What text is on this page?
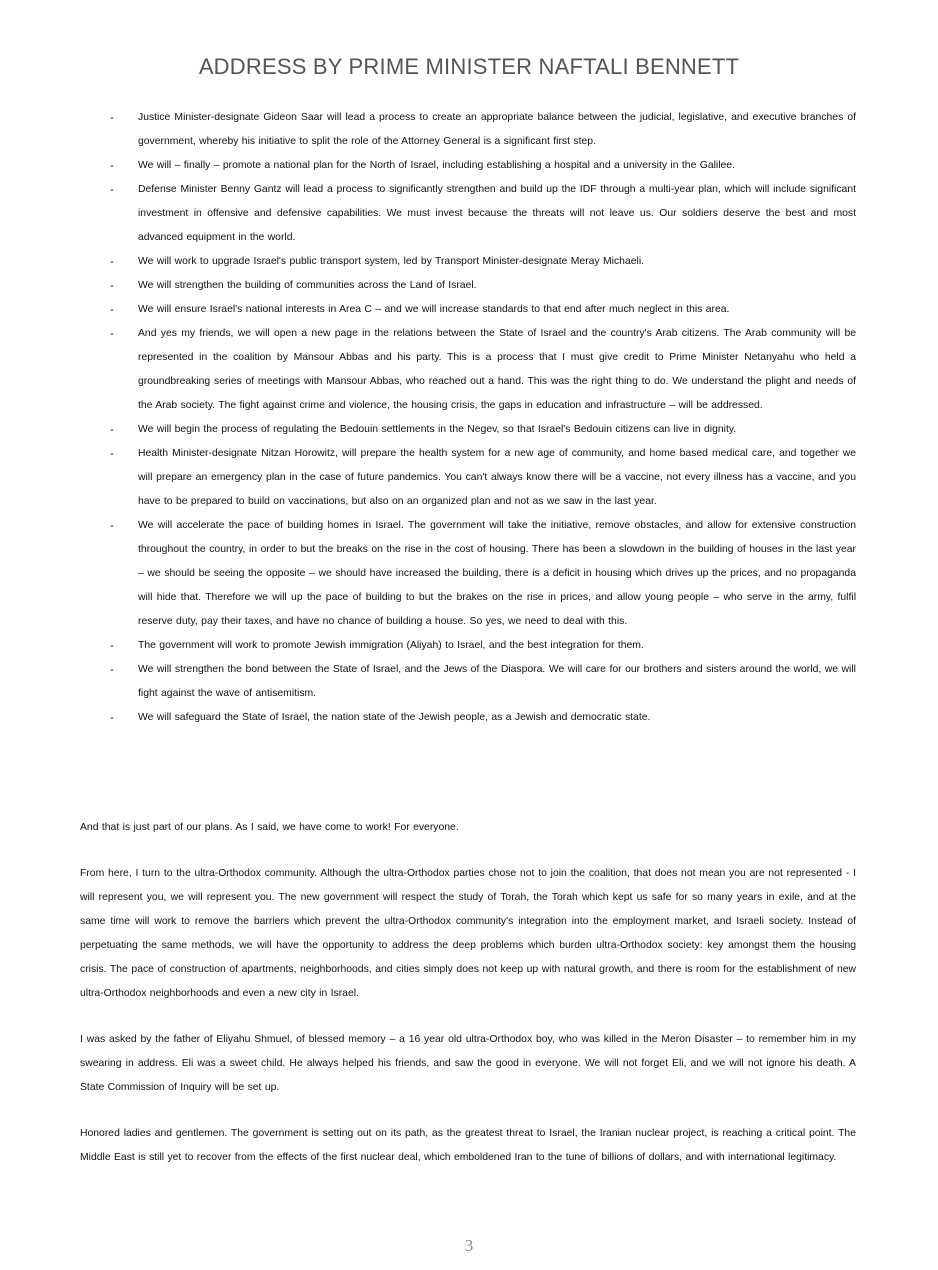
ADDRESS BY PRIME MINISTER NAFTALI BENNETT
- Justice Minister-designate Gideon Saar will lead a process to create an appropriate balance between the judicial, legislative, and executive branches of government, whereby his initiative to split the role of the Attorney General is a significant first step.
- We will – finally – promote a national plan for the North of Israel, including establishing a hospital and a university in the Galilee.
- Defense Minister Benny Gantz will lead a process to significantly strengthen and build up the IDF through a multi-year plan, which will include significant investment in offensive and defensive capabilities. We must invest because the threats will not leave us. Our soldiers deserve the best and most advanced equipment in the world.
- We will work to upgrade Israel's public transport system, led by Transport Minister-designate Meray Michaeli.
- We will strengthen the building of communities across the Land of Israel.
- We will ensure Israel's national interests in Area C – and we will increase standards to that end after much neglect in this area.
- And yes my friends, we will open a new page in the relations between the State of Israel and the country's Arab citizens. The Arab community will be represented in the coalition by Mansour Abbas and his party. This is a process that I must give credit to Prime Minister Netanyahu who held a groundbreaking series of meetings with Mansour Abbas, who reached out a hand. This was the right thing to do. We understand the plight and needs of the Arab society. The fight against crime and violence, the housing crisis, the gaps in education and infrastructure – will be addressed.
- We will begin the process of regulating the Bedouin settlements in the Negev, so that Israel's Bedouin citizens can live in dignity.
- Health Minister-designate Nitzan Horowitz, will prepare the health system for a new age of community, and home based medical care, and together we will prepare an emergency plan in the case of future pandemics. You can't always know there will be a vaccine, not every illness has a vaccine, and you have to be prepared to build on vaccinations, but also on an organized plan and not as we saw in the last year.
- We will accelerate the pace of building homes in Israel. The government will take the initiative, remove obstacles, and allow for extensive construction throughout the country, in order to but the breaks on the rise in the cost of housing. There has been a slowdown in the building of houses in the last year – we should be seeing the opposite – we should have increased the building, there is a deficit in housing which drives up the prices, and no propaganda will hide that. Therefore we will up the pace of building to but the brakes on the rise in prices, and allow young people – who serve in the army, fulfil reserve duty, pay their taxes, and have no chance of building a house. So yes, we need to deal with this.
- The government will work to promote Jewish immigration (Aliyah) to Israel, and the best integration for them.
- We will strengthen the bond between the State of Israel, and the Jews of the Diaspora. We will care for our brothers and sisters around the world, we will fight against the wave of antisemitism.
- We will safeguard the State of Israel, the nation state of the Jewish people, as a Jewish and democratic state.

And that is just part of our plans. As I said, we have come to work! For everyone.

From here, I turn to the ultra-Orthodox community. Although the ultra-Orthodox parties chose not to join the coalition, that does not mean you are not represented - I will represent you, we will represent you. The new government will respect the study of Torah, the Torah which kept us safe for so many years in exile, and at the same time will work to remove the barriers which prevent the ultra-Orthodox community's integration into the employment market, and Israeli society. Instead of perpetuating the same methods, we will have the opportunity to address the deep problems which burden ultra-Orthodox society: key amongst them the housing crisis. The pace of construction of apartments, neighborhoods, and cities simply does not keep up with natural growth, and there is room for the establishment of new ultra-Orthodox neighborhoods and even a new city in Israel.

I was asked by the father of Eliyahu Shmuel, of blessed memory – a 16 year old ultra-Orthodox boy, who was killed in the Meron Disaster – to remember him in my swearing in address. Eli was a sweet child. He always helped his friends, and saw the good in everyone. We will not forget Eli, and we will not ignore his death. A State Commission of Inquiry will be set up.

Honored ladies and gentlemen. The government is setting out on its path, as the greatest threat to Israel, the Iranian nuclear project, is reaching a critical point. The Middle East is still yet to recover from the effects of the first nuclear deal, which emboldened Iran to the tune of billions of dollars, and with international legitimacy.

3
